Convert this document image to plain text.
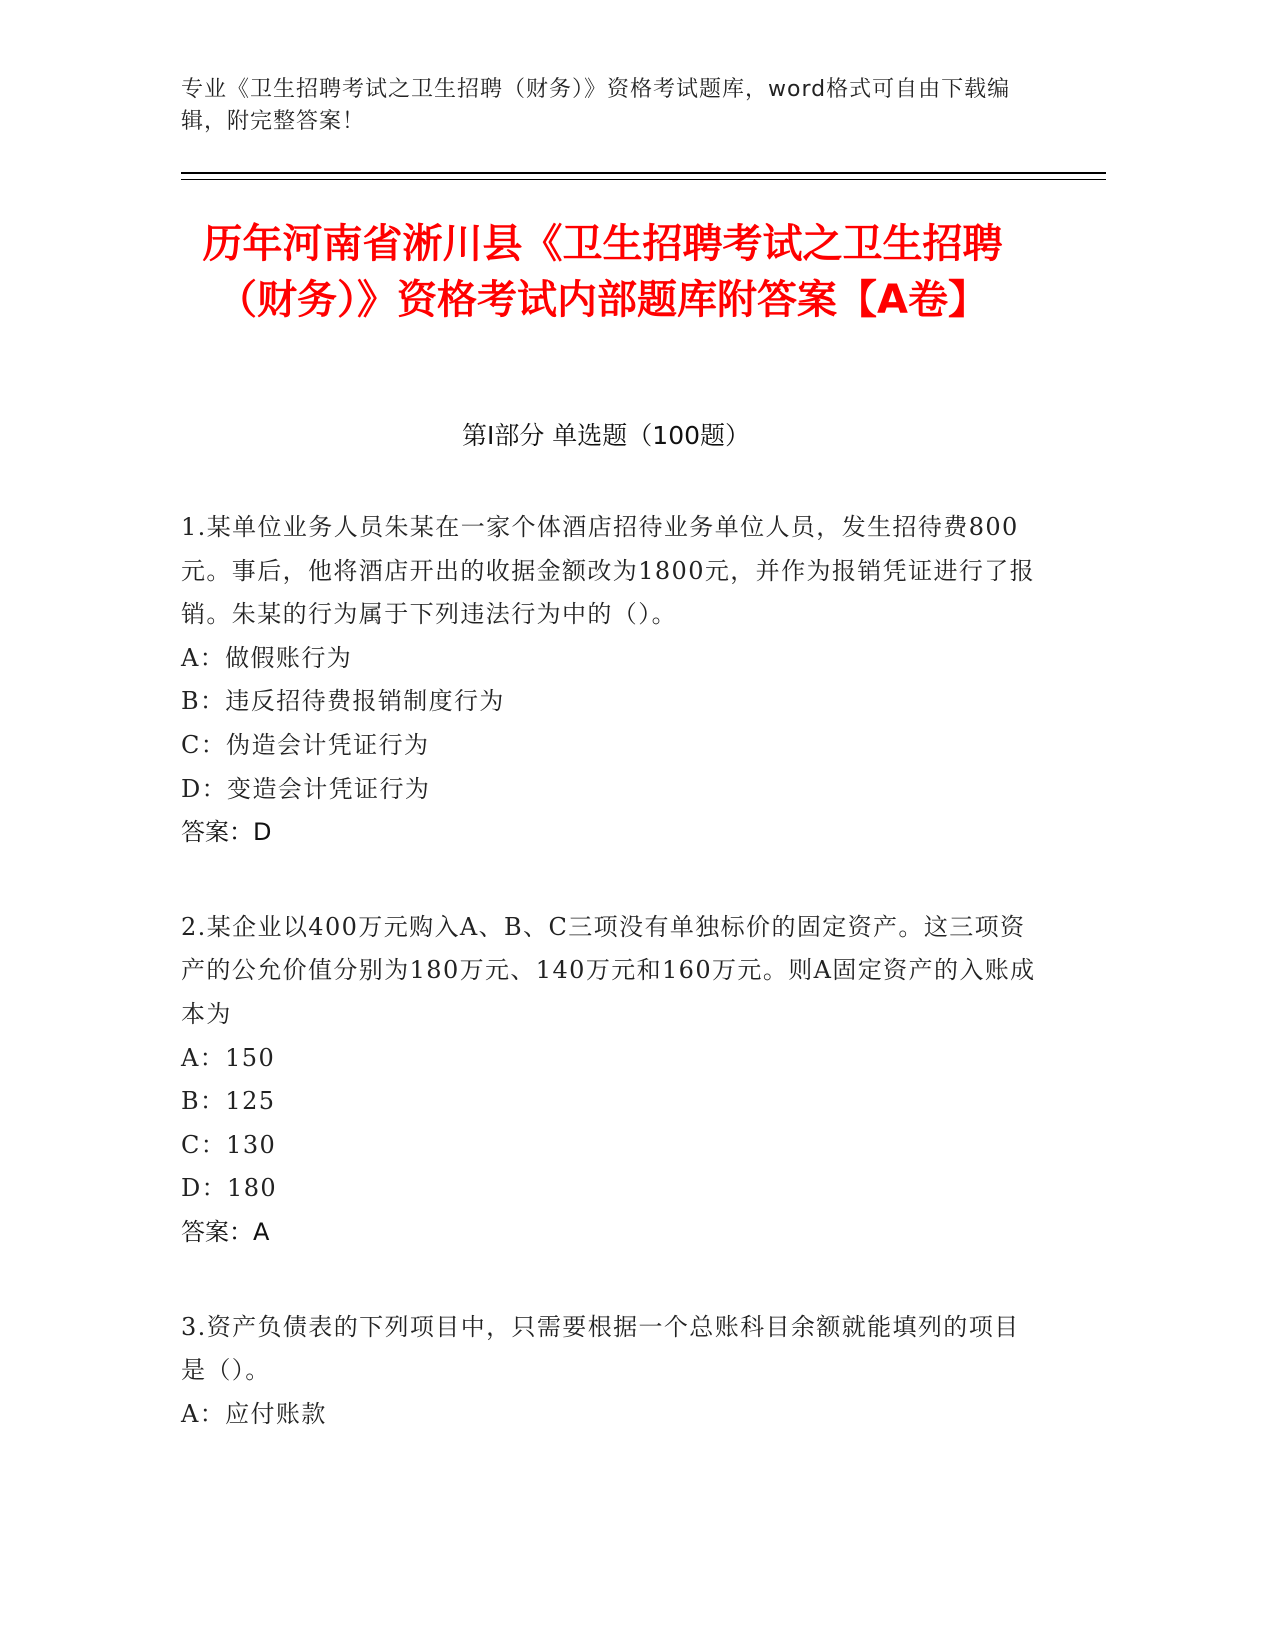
专业《卫生招聘考试之卫生招聘（财务）》资格考试题库，word格式可自由下载编辑，附完整答案！
历年河南省淅川县《卫生招聘考试之卫生招聘（财务）》资格考试内部题库附答案【A卷】
第Ⅰ部分 单选题（100题）

1.某单位业务人员朱某在一家个体酒店招待业务单位人员，发生招待费800元。事后，他将酒店开出的收据金额改为1800元，并作为报销凭证进行了报销。朱某的行为属于下列违法行为中的（）。

A：做假账行为

B：违反招待费报销制度行为

C：伪造会计凭证行为

D：变造会计凭证行为

答案：D

2.某企业以400万元购入A、B、C三项没有单独标价的固定资产。这三项资产的公允价值分别为180万元、140万元和160万元。则A固定资产的入账成本为

A：150

B：125

C：130

D：180

答案：A

3.资产负债表的下列项目中，只需要根据一个总账科目余额就能填列的项目是（）。

A：应付账款
